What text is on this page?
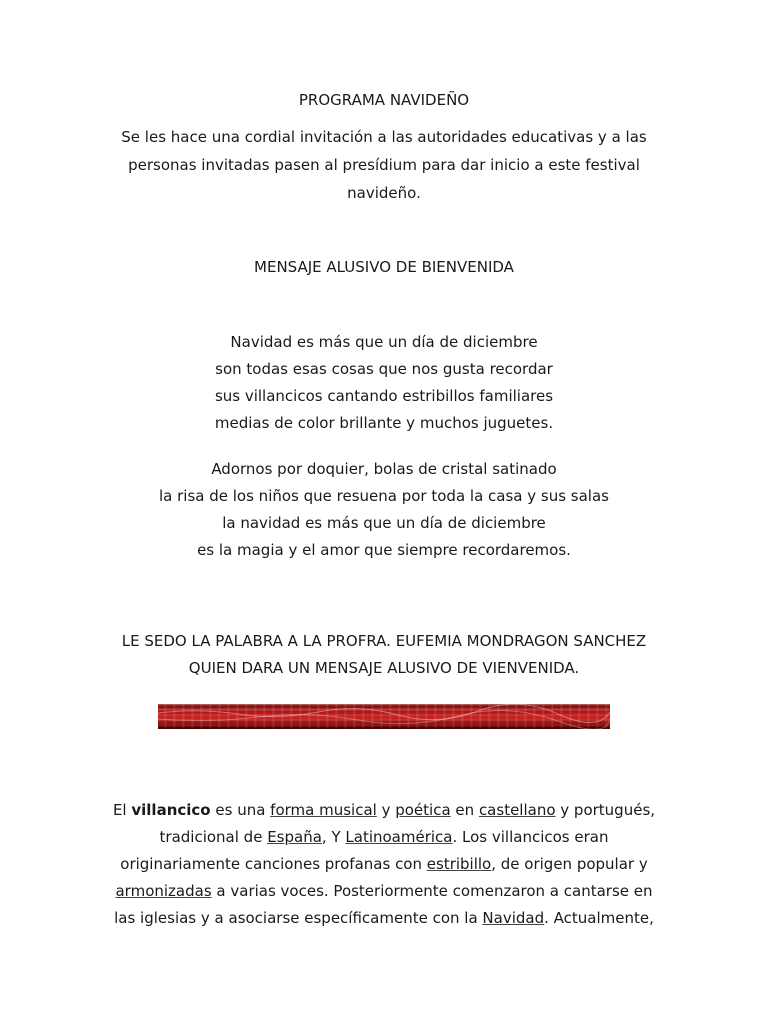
PROGRAMA NAVIDEÑO
Se les hace una cordial invitación a las autoridades educativas y a las
personas invitadas pasen al presídium para dar inicio a este festival
navideño.
MENSAJE ALUSIVO DE BIENVENIDA
Navidad es más que un día de diciembre
son todas esas cosas que nos gusta recordar
sus villancicos cantando estribillos familiares
medias de color brillante y muchos juguetes.
Adornos por doquier, bolas de cristal satinado
la risa de los niños que resuena por toda la casa y sus salas
la navidad es más que un día de diciembre
es la magia y el amor que siempre recordaremos.
LE SEDO LA PALABRA A LA PROFRA. EUFEMIA MONDRAGON SANCHEZ
QUIEN DARA UN MENSAJE ALUSIVO DE VIENVENIDA.
El villancico es una forma musical y poética en castellano y portugués,
tradicional de España, Y Latinoamérica. Los villancicos eran
originariamente canciones profanas con estribillo, de origen popular y
armonizadas a varias voces. Posteriormente comenzaron a cantarse en
las iglesias y a asociarse específicamente con la Navidad. Actualmente,
